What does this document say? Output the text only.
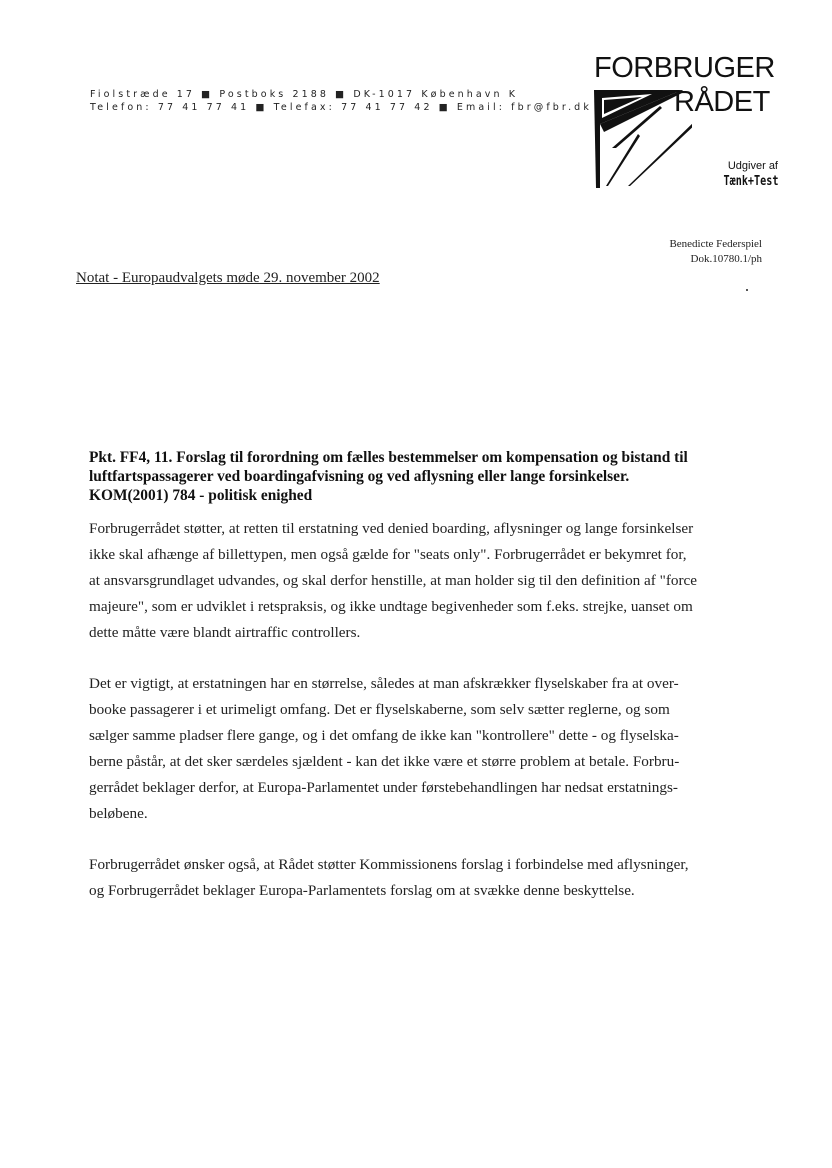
Fiolstræde 17 ■ Postboks 2188 ■ DK-1017 København K
Telefon: 77 41 77 41 ■ Telefax: 77 41 77 42 ■ Email: fbr@fbr.dk
FORBRUGER
RÅDET
Udgiver af
Tænk+Test
Benedicte Federspiel
Dok.10780.1/ph
Notat - Europaudvalgets møde 29. november 2002

Pkt. FF4, 11. Forslag til forordning om fælles bestemmelser om kompensation og bistand til
luftfartspassagerer ved boardingafvisning og ved aflysning eller lange forsinkelser.
KOM(2001) 784 - politisk enighed

Forbrugerrådet støtter, at retten til erstatning ved denied boarding, aflysninger og lange forsinkelser
ikke skal afhænge af billettypen, men også gælde for "seats only". Forbrugerrådet er bekymret for,
at ansvarsgrundlaget udvandes, og skal derfor henstille, at man holder sig til den definition af "force
majeure", som er udviklet i retspraksis, og ikke undtage begivenheder som f.eks. strejke, uanset om
dette måtte være blandt airtraffic controllers.

Det er vigtigt, at erstatningen har en størrelse, således at man afskrækker flyselskaber fra at over-
booke passagerer i et urimeligt omfang. Det er flyselskaberne, som selv sætter reglerne, og som
sælger samme pladser flere gange, og i det omfang de ikke kan "kontrollere" dette - og flyselska-
berne påstår, at det sker særdeles sjældent - kan det ikke være et større problem at betale. Forbru-
gerrådet beklager derfor, at Europa-Parlamentet under førstebehandlingen har nedsat erstatnings-
beløbene.

Forbrugerrådet ønsker også, at Rådet støtter Kommissionens forslag i forbindelse med aflysninger,
og Forbrugerrådet beklager Europa-Parlamentets forslag om at svække denne beskyttelse.
